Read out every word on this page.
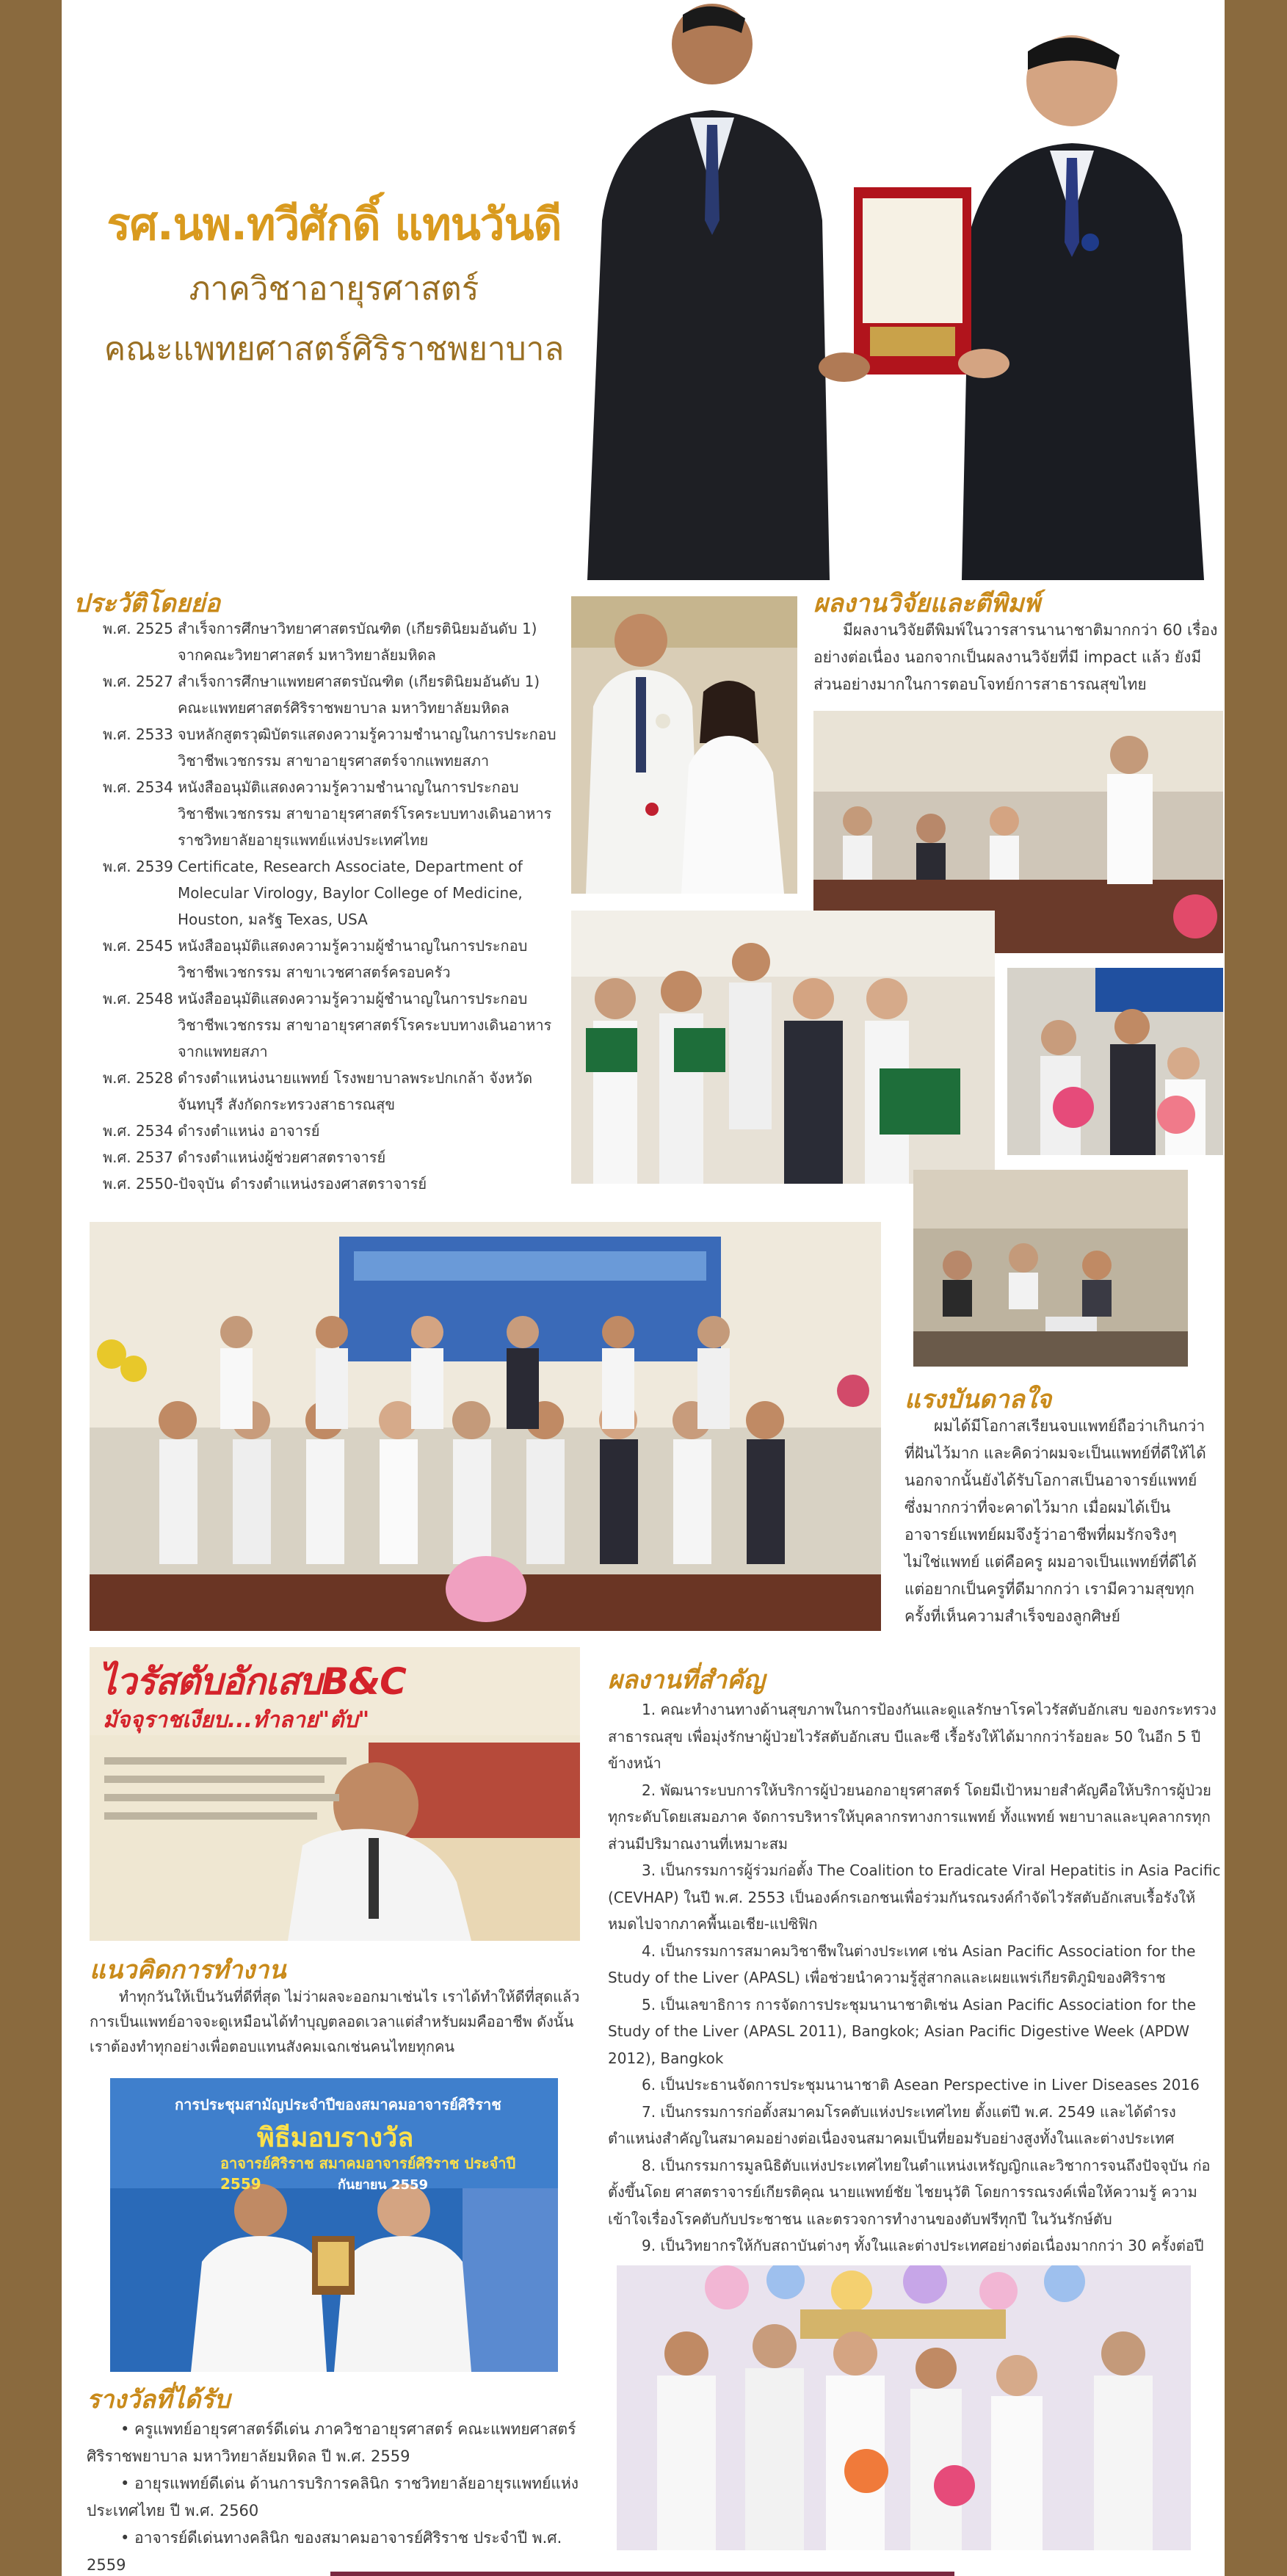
รศ.นพ.ทวีศักดิ์ แทนวันดี
ภาควิชาอายุรศาสตร์
คณะแพทยศาสตร์ศิริราชพยาบาล
ประวัติโดยย่อ
พ.ศ. 2525 สำเร็จการศึกษาวิทยาศาสตรบัณฑิต (เกียรตินิยมอันดับ 1) จากคณะวิทยาศาสตร์ มหาวิทยาลัยมหิดล
พ.ศ. 2527 สำเร็จการศึกษาแพทยศาสตรบัณฑิต (เกียรตินิยมอันดับ 1) คณะแพทยศาสตร์ศิริราชพยาบาล มหาวิทยาลัยมหิดล
พ.ศ. 2533 จบหลักสูตรวุฒิบัตรแสดงความรู้ความชำนาญในการประกอบวิชาชีพเวชกรรม สาขาอายุรศาสตร์จากแพทยสภา
พ.ศ. 2534 หนังสืออนุมัติแสดงความรู้ความชำนาญในการประกอบวิชาชีพเวชกรรม สาขาอายุรศาสตร์โรคระบบทางเดินอาหาร ราชวิทยาลัยอายุรแพทย์แห่งประเทศไทย
พ.ศ. 2539 Certificate, Research Associate, Department of Molecular Virology, Baylor College of Medicine, Houston, มลรัฐ Texas, USA
พ.ศ. 2545 หนังสืออนุมัติแสดงความรู้ความผู้ชำนาญในการประกอบวิชาชีพเวชกรรม สาขาเวชศาสตร์ครอบครัว
พ.ศ. 2548 หนังสืออนุมัติแสดงความรู้ความผู้ชำนาญในการประกอบวิชาชีพเวชกรรม สาขาอายุรศาสตร์โรคระบบทางเดินอาหาร จากแพทยสภา
พ.ศ. 2528 ดำรงตำแหน่งนายแพทย์ โรงพยาบาลพระปกเกล้า จังหวัดจันทบุรี สังกัดกระทรวงสาธารณสุข
พ.ศ. 2534 ดำรงตำแหน่ง อาจารย์
พ.ศ. 2537 ดำรงตำแหน่งผู้ช่วยศาสตราจารย์
พ.ศ. 2550-ปัจจุบัน ดำรงตำแหน่งรองศาสตราจารย์
ผลงานวิจัยและตีพิมพ์

มีผลงานวิจัยตีพิมพ์ในวารสารนานาชาติมากกว่า 60 เรื่องอย่างต่อเนื่อง นอกจากเป็นผลงานวิจัยที่มี impact แล้ว ยังมีส่วนอย่างมากในการตอบโจทย์การสาธารณสุขไทย

แรงบันดาลใจ

ผมได้มีโอกาสเรียนจบแพทย์ถือว่าเกินกว่าที่ฝันไว้มาก และคิดว่าผมจะเป็นแพทย์ที่ดีให้ได้ นอกจากนั้นยังได้รับโอกาสเป็นอาจารย์แพทย์ซึ่งมากกว่าที่จะคาดไว้มาก เมื่อผมได้เป็นอาจารย์แพทย์ผมจึงรู้ว่าอาชีพที่ผมรักจริงๆ ไม่ใช่แพทย์ แต่คือครู ผมอาจเป็นแพทย์ที่ดีได้ แต่อยากเป็นครูที่ดีมากกว่า เรามีความสุขทุกครั้งที่เห็นความสำเร็จของลูกศิษย์

ไวรัสตับอักเสบB&C
มัจจุราชเงียบ...ทำลาย"ตับ"
ผลงานที่สำคัญ

1. คณะทำงานทางด้านสุขภาพในการป้องกันและดูแลรักษาโรคไวรัสตับอักเสบ ของกระทรวงสาธารณสุข เพื่อมุ่งรักษาผู้ป่วยไวรัสตับอักเสบ บีและซี เรื้อรังให้ได้มากกว่าร้อยละ 50 ในอีก 5 ปีข้างหน้า

2. พัฒนาระบบการให้บริการผู้ป่วยนอกอายุรศาสตร์ โดยมีเป้าหมายสำคัญคือให้บริการผู้ป่วยทุกระดับโดยเสมอภาค จัดการบริหารให้บุคลากรทางการแพทย์ ทั้งแพทย์ พยาบาลและบุคลากรทุกส่วนมีปริมาณงานที่เหมาะสม

3. เป็นกรรมการผู้ร่วมก่อตั้ง The Coalition to Eradicate Viral Hepatitis in Asia Pacific (CEVHAP) ในปี พ.ศ. 2553 เป็นองค์กรเอกชนเพื่อร่วมกันรณรงค์กำจัดไวรัสตับอักเสบเรื้อรังให้หมดไปจากภาคพื้นเอเชีย-แปซิฟิก

4. เป็นกรรมการสมาคมวิชาชีพในต่างประเทศ เช่น Asian Pacific Association for the Study of the Liver (APASL) เพื่อช่วยนำความรู้สู่สากลและเผยแพร่เกียรติภูมิของศิริราช

5. เป็นเลขาธิการ การจัดการประชุมนานาชาติเช่น Asian Pacific Association for the Study of the Liver (APASL 2011), Bangkok; Asian Pacific Digestive Week (APDW 2012), Bangkok

6. เป็นประธานจัดการประชุมนานาชาติ Asean Perspective in Liver Diseases 2016

7. เป็นกรรมการก่อตั้งสมาคมโรคตับแห่งประเทศไทย ตั้งแต่ปี พ.ศ. 2549 และได้ดำรงตำแหน่งสำคัญในสมาคมอย่างต่อเนื่องจนสมาคมเป็นที่ยอมรับอย่างสูงทั้งในและต่างประเทศ

8. เป็นกรรมการมูลนิธิตับแห่งประเทศไทยในตำแหน่งเหรัญญิกและวิชาการจนถึงปัจจุบัน ก่อตั้งขึ้นโดย ศาสตราจารย์เกียรติคุณ นายแพทย์ชัย ไชยนุวัติ โดยการรณรงค์เพื่อให้ความรู้ ความเข้าใจเรื่องโรคตับกับประชาชน และตรวจการทำงานของตับฟรีทุกปี ในวันรักษ์ตับ

9. เป็นวิทยากรให้กับสถาบันต่างๆ ทั้งในและต่างประเทศอย่างต่อเนื่องมากกว่า 30 ครั้งต่อปี

แนวคิดการทำงาน

ทำทุกวันให้เป็นวันที่ดีที่สุด ไม่ว่าผลจะออกมาเช่นไร เราได้ทำให้ดีที่สุดแล้ว การเป็นแพทย์อาจจะดูเหมือนได้ทำบุญตลอดเวลาแต่สำหรับผมคืออาชีพ ดังนั้นเราต้องทำทุกอย่างเพื่อตอบแทนสังคมเฉกเช่นคนไทยทุกคน

การประชุมสามัญประจำปีของสมาคมอาจารย์ศิริราช
พิธีมอบรางวัล
อาจารย์ศิริราช สมาคมอาจารย์ศิริราช ประจำปี 2559	กันยายน 2559
รางวัลที่ได้รับ

• ครูแพทย์อายุรศาสตร์ดีเด่น ภาควิชาอายุรศาสตร์ คณะแพทยศาสตร์ศิริราชพยาบาล มหาวิทยาลัยมหิดล ปี พ.ศ. 2559

• อายุรแพทย์ดีเด่น ด้านการบริการคลินิก ราชวิทยาลัยอายุรแพทย์แห่งประเทศไทย ปี พ.ศ. 2560

• อาจารย์ดีเด่นทางคลินิก ของสมาคมอาจารย์ศิริราช ประจำปี พ.ศ. 2559
